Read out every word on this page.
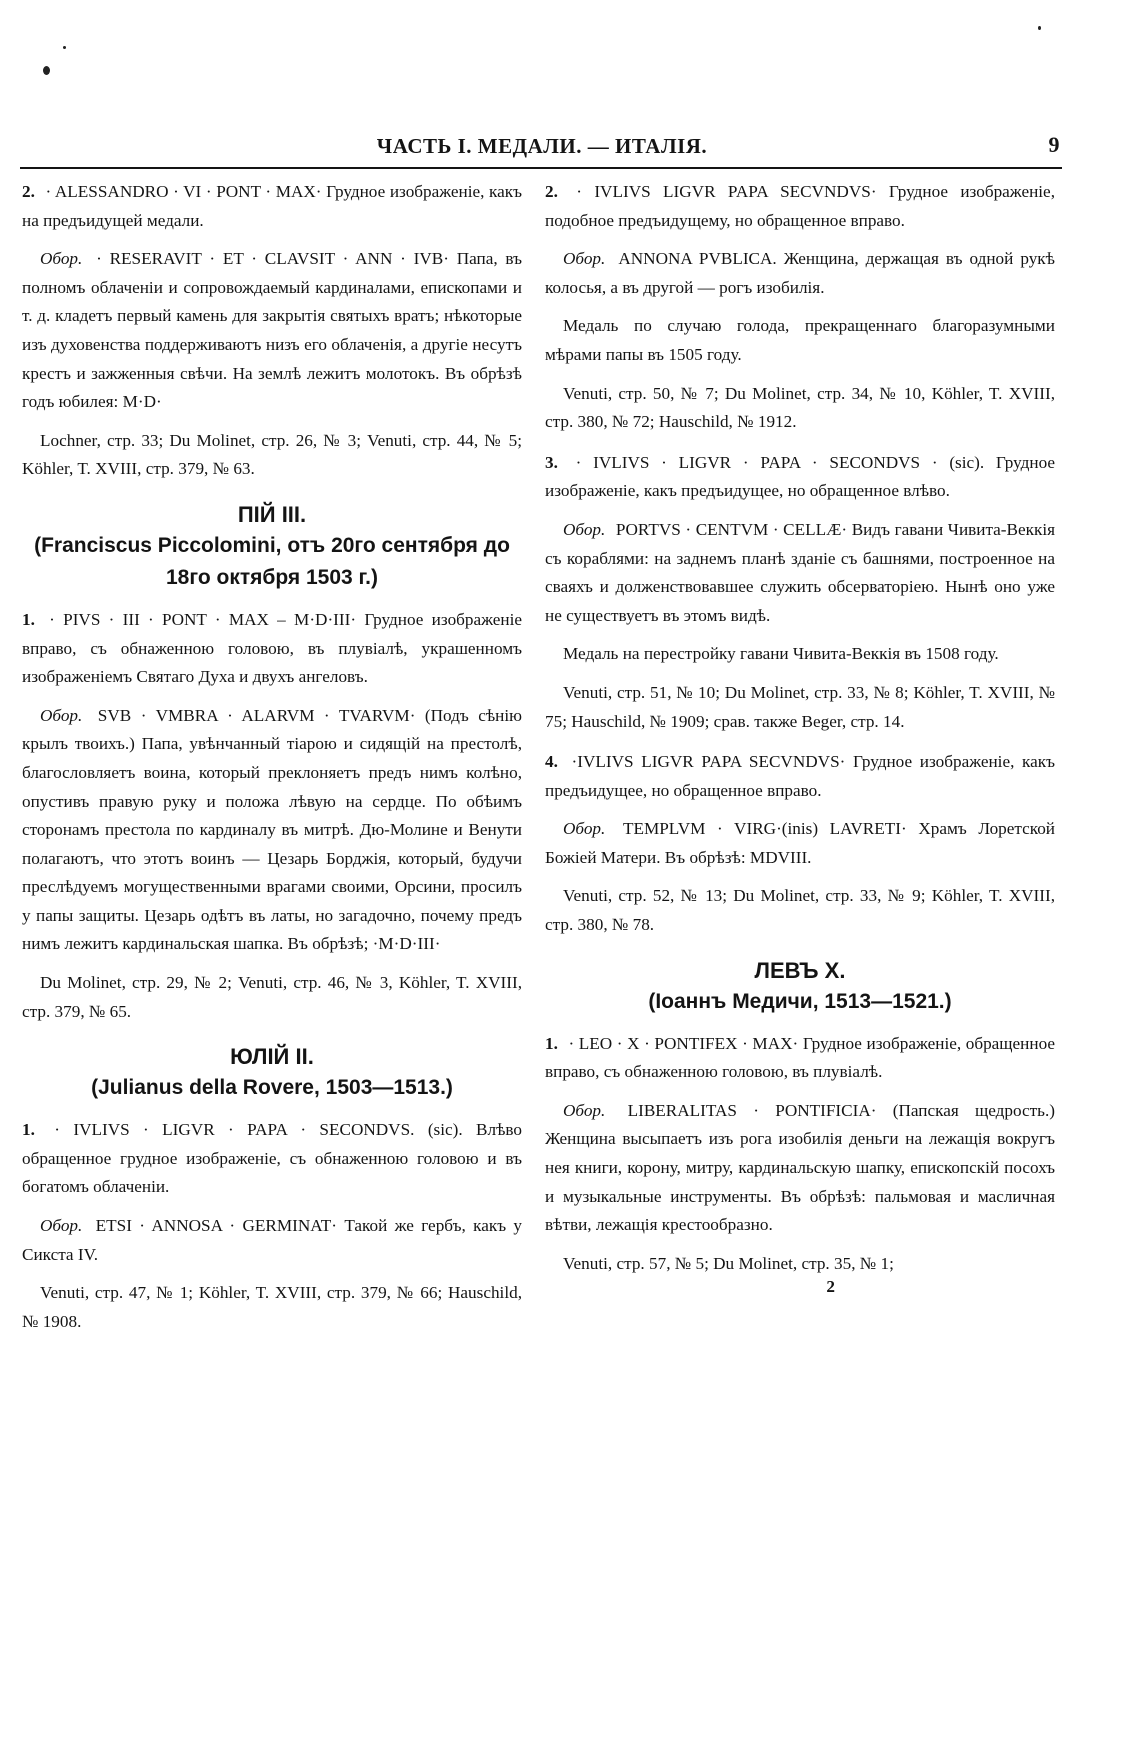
ЧАСТЬ I. МЕДАЛИ. — ИТАЛІЯ.	9

2. · ALESSANDRO · VI · PONT · MAX· Грудное изображеніе, какъ на предъидущей медали.

Обор. · RESERAVIT · ET · CLAVSIT · ANN · IVB· Папа, въ полномъ облаченіи и сопровождаемый кардиналами, епископами и т. д. кладетъ первый камень для закрытія святыхъ вратъ; нѣкоторые изъ духовенства поддерживаютъ низъ его облаченія, а другіе несутъ крестъ и зажженныя свѣчи. На землѣ лежитъ молотокъ. Въ обрѣзѣ годъ юбилея: M·D·

Lochner, стр. 33; Du Molinet, стр. 26, № 3; Venuti, стр. 44, № 5; Köhler, T. XVIII, стр. 379, № 63.

ПІЙ III.
(Franciscus Piccolomini, отъ 20го сентября до 18го октября 1503 г.)

1. · PIVS · III · PONT · MAX – M·D·III· Грудное изображеніе вправо, съ обнаженною головою, въ плувіалѣ, украшенномъ изображеніемъ Святаго Духа и двухъ ангеловъ.

Обор. SVB · VMBRA · ALARVM · TVARVM· (Подъ сѣнію крылъ твоихъ.) Папа, увѣнчанный тіарою и сидящій на престолѣ, благословляетъ воина, который преклоняетъ предъ нимъ колѣно, опустивъ правую руку и положа лѣвую на сердце. По обѣимъ сторонамъ престола по кардиналу въ митрѣ. Дю-Молине и Венути полагаютъ, что этотъ воинъ — Цезарь Борджія, который, будучи преслѣдуемъ могущественными врагами своими, Орсини, просилъ у папы защиты. Цезарь одѣтъ въ латы, но загадочно, почему предъ нимъ лежитъ кардинальская шапка. Въ обрѣзѣ; ·M·D·III·

Du Molinet, стр. 29, № 2; Venuti, стр. 46, № 3, Köhler, T. XVIII, стр. 379, № 65.

ЮЛІЙ II.
(Julianus della Rovere, 1503—1513.)

1. · IVLIVS · LIGVR · PAPA · SECONDVS. (sic). Влѣво обращенное грудное изображеніе, съ обнаженною головою и въ богатомъ облаченіи.

Обор. ETSI · ANNOSA · GERMINAT· Такой же гербъ, какъ у Сикста IV.

Venuti, стр. 47, № 1; Köhler, T. XVIII, стр. 379, № 66; Hauschild, № 1908.

2. · IVLIVS LIGVR PAPA SECVNDVS· Грудное изображеніе, подобное предъидущему, но обращенное вправо.

Обор. ANNONA PVBLICA. Женщина, держащая въ одной рукѣ колосья, а въ другой — рогъ изобилія.

Медаль по случаю голода, прекращеннаго благоразумными мѣрами папы въ 1505 году.

Venuti, стр. 50, № 7; Du Molinet, стр. 34, № 10, Köhler, T. XVIII, стр. 380, № 72; Hauschild, № 1912.

3. · IVLIVS · LIGVR · PAPA · SECONDVS · (sic). Грудное изображеніе, какъ предъидущее, но обращенное влѣво.

Обор. PORTVS · CENTVM · CELLÆ· Видъ гавани Чивита-Веккія съ кораблями: на заднемъ планѣ зданіе съ башнями, построенное на сваяхъ и долженствовавшее служить обсерваторіею. Нынѣ оно уже не существуетъ въ этомъ видѣ.

Медаль на перестройку гавани Чивита-Веккія въ 1508 году.

Venuti, стр. 51, № 10; Du Molinet, стр. 33, № 8; Köhler, T. XVIII, № 75; Hauschild, № 1909; срав. также Beger, стр. 14.

4. ·IVLIVS LIGVR PAPA SECVNDVS· Грудное изображеніе, какъ предъидущее, но обращенное вправо.

Обор. TEMPLVM · VIRG·(inis) LAVRETI· Храмъ Лоретской Божіей Матери. Въ обрѣзѣ: MDVIII.

Venuti, стр. 52, № 13; Du Molinet, стр. 33, № 9; Köhler, T. XVIII, стр. 380, № 78.

ЛЕВЪ X.
(Іоаннъ Медичи, 1513—1521.)

1. · LEO · X · PONTIFEX · MAX· Грудное изображеніе, обращенное вправо, съ обнаженною головою, въ плувіалѣ.

Обор. LIBERALITAS · PONTIFICIA· (Папская щедрость.) Женщина высыпаетъ изъ рога изобилія деньги на лежащія вокругъ нея книги, корону, митру, кардинальскую шапку, епископскій посохъ и музыкальные инструменты. Въ обрѣзѣ: пальмовая и масличная вѣтви, лежащія крестообразно.

Venuti, стр. 57, № 5; Du Molinet, стр. 35, № 1;

2
